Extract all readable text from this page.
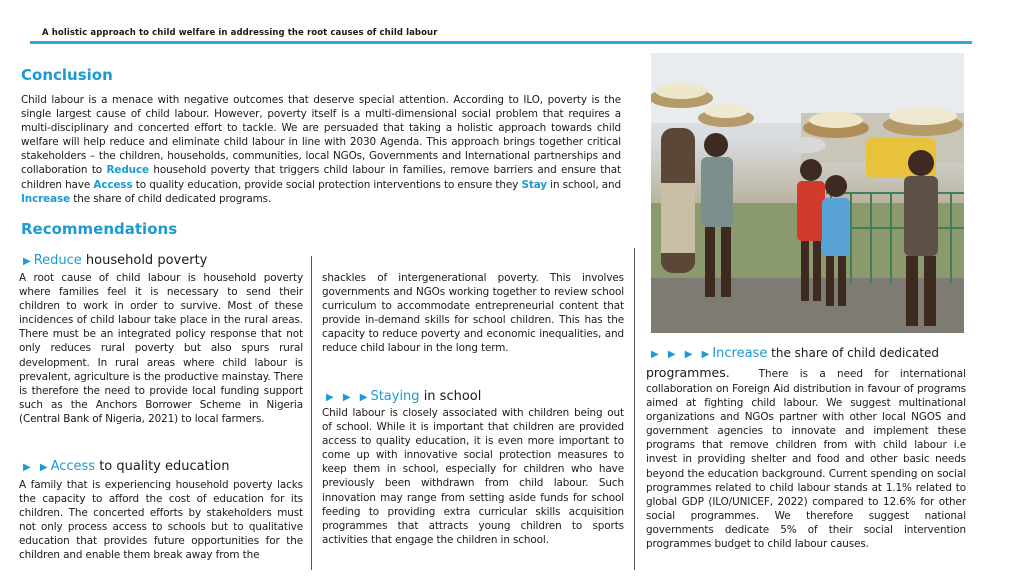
A holistic approach to child welfare in addressing the root causes of child labour
Conclusion
Child labour is a menace with negative outcomes that deserve special attention. According to ILO, poverty is the single largest cause of child labour. However, poverty itself is a multi-dimensional social problem that requires a multi-disciplinary and concerted effort to tackle. We are persuaded that taking a holistic approach towards child welfare will help reduce and eliminate child labour in line with 2030 Agenda. This approach brings together critical stakeholders – the children, households, communities, local NGOs, Governments and International partnerships and collaboration to Reduce household poverty that triggers child labour in families, remove barriers and ensure that children have Access to quality education, provide social protection interventions to ensure they Stay in school, and Increase the share of child dedicated programs.
Recommendations
▶Reduce household poverty
A root cause of child labour is household poverty where families feel it is necessary to send their children to work in order to survive. Most of these incidences of child labour take place in the rural areas. There must be an integrated policy response that not only reduces rural poverty but also spurs rural development. In rural areas where child labour is prevalent, agriculture is the productive mainstay. There is therefore the need to provide local funding support such as the Anchors Borrower Scheme in Nigeria (Central Bank of Nigeria, 2021) to local farmers.
▶ ▶Access to quality education
A family that is experiencing household poverty lacks the capacity to afford the cost of education for its children. The concerted efforts by stakeholders must not only process access to schools but to qualitative education that provides future opportunities for the children and enable them break away from the
shackles of intergenerational poverty. This involves governments and NGOs working together to review school curriculum to accommodate entrepreneurial content that provide in-demand skills for school children. This has the capacity to reduce poverty and economic inequalities, and reduce child labour in the long term.
▶ ▶ ▶Staying in school
Child labour is closely associated with children being out of school. While it is important that children are provided access to quality education, it is even more important to come up with innovative social protection measures to keep them in school, especially for children who have previously been withdrawn from child labour. Such innovation may range from setting aside funds for school feeding to providing extra curricular skills acquisition programmes that attracts young children to sports activities that engage the children in school.
▶ ▶ ▶ ▶Increase the share of child dedicated
programmes.	There is a need for international
collaboration on Foreign Aid distribution in favour of programs aimed at fighting child labour. We suggest multinational organizations and NGOs partner with other local NGOS and government agencies to innovate and implement these programs that remove children from with child labour i.e invest in providing shelter and food and other basic needs beyond the education background. Current spending on social programmes related to child labour stands at 1.1% related to global GDP (ILO/UNICEF, 2022) compared to 12.6% for other social programmes. We therefore suggest national governments dedicate 5% of their social intervention programmes budget to child labour causes.
